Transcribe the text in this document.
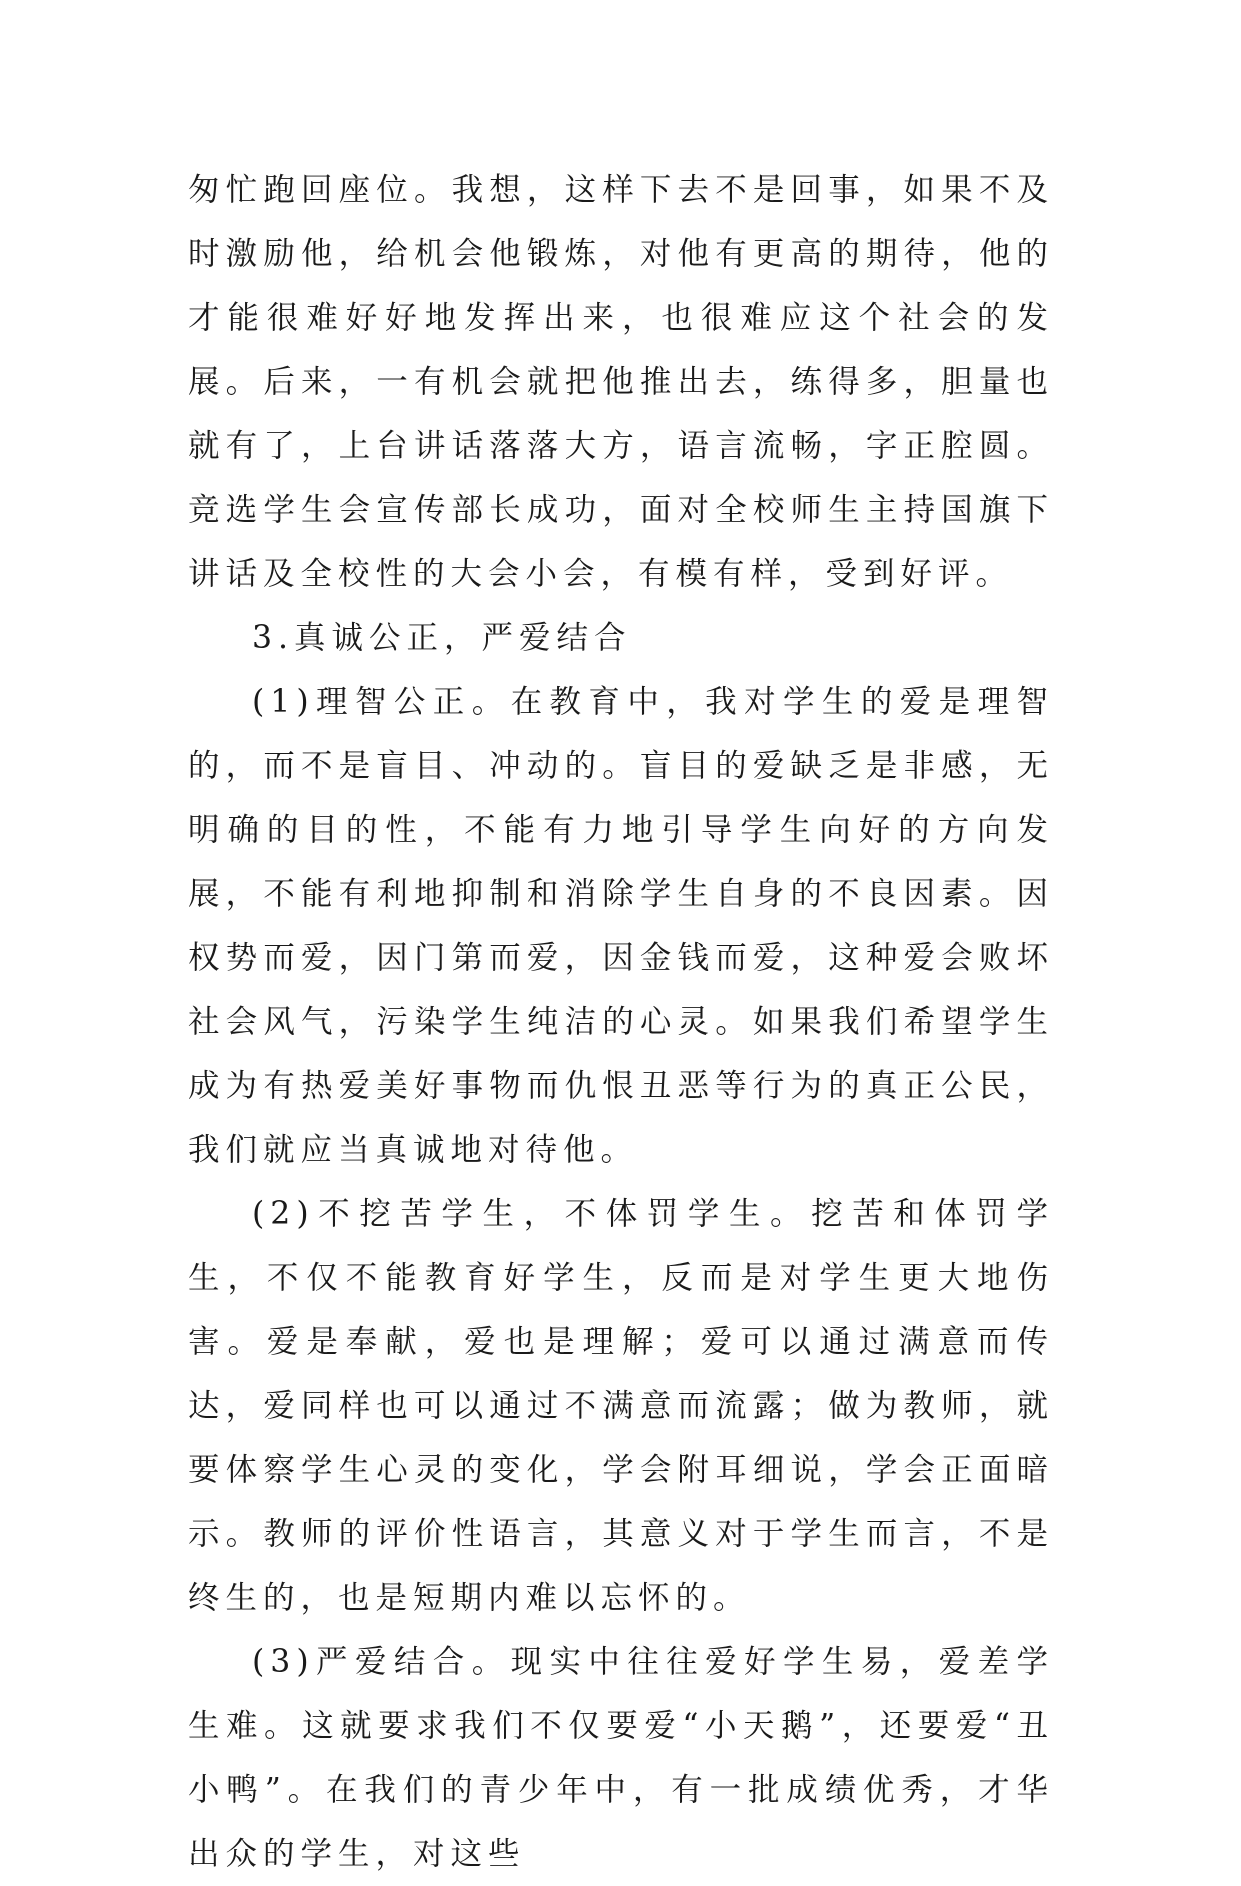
匆忙跑回座位。我想，这样下去不是回事，如果不及时激励他，给机会他锻炼，对他有更高的期待，他的才能很难好好地发挥出来，也很难应这个社会的发展。后来，一有机会就把他推出去，练得多，胆量也就有了，上台讲话落落大方，语言流畅，字正腔圆。竞选学生会宣传部长成功，面对全校师生主持国旗下讲话及全校性的大会小会，有模有样，受到好评。

3.真诚公正，严爱结合

(1)理智公正。在教育中，我对学生的爱是理智的，而不是盲目、冲动的。盲目的爱缺乏是非感，无明确的目的性，不能有力地引导学生向好的方向发展，不能有利地抑制和消除学生自身的不良因素。因权势而爱，因门第而爱，因金钱而爱，这种爱会败坏社会风气，污染学生纯洁的心灵。如果我们希望学生成为有热爱美好事物而仇恨丑恶等行为的真正公民，我们就应当真诚地对待他。

(2)不挖苦学生，不体罚学生。挖苦和体罚学生，不仅不能教育好学生，反而是对学生更大地伤害。爱是奉献，爱也是理解；爱可以通过满意而传达，爱同样也可以通过不满意而流露；做为教师，就要体察学生心灵的变化，学会附耳细说，学会正面暗示。教师的评价性语言，其意义对于学生而言，不是终生的，也是短期内难以忘怀的。

(3)严爱结合。现实中往往爱好学生易，爱差学生难。这就要求我们不仅要爱“小天鹅”，还要爱“丑小鸭”。在我们的青少年中，有一批成绩优秀，才华出众的学生，对这些
